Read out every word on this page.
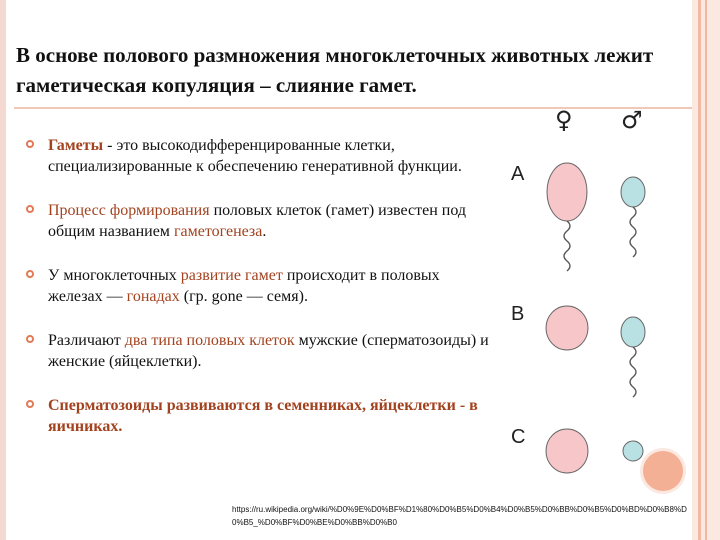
В основе полового размножения многоклеточных животных лежит гаметическая копуляция – слияние гамет.
Гаметы - это высокодифференцированные клетки, специализированные к обеспечению генеративной функции.
Процесс формирования половых клеток (гамет) известен под общим названием гаметогенеза.
У многоклеточных развитие гамет происходит в половых железах — гонадах (гр. gone — семя).
Различают два типа половых клеток мужские (сперматозоиды) и женские (яйцеклетки).
Сперматозоиды развиваются в семенниках, яйцеклетки - в яичниках.
♀ ♂
A
B
C
https://ru.wikipedia.org/wiki/%D0%9E%D0%BF%D1%80%D0%B5%D0%B4%D0%B5%D0%BB%D0%B5%D0%BD%D0%B8%D0%B5_%D0%BF%D0%BE%D0%BB%D0%B0
